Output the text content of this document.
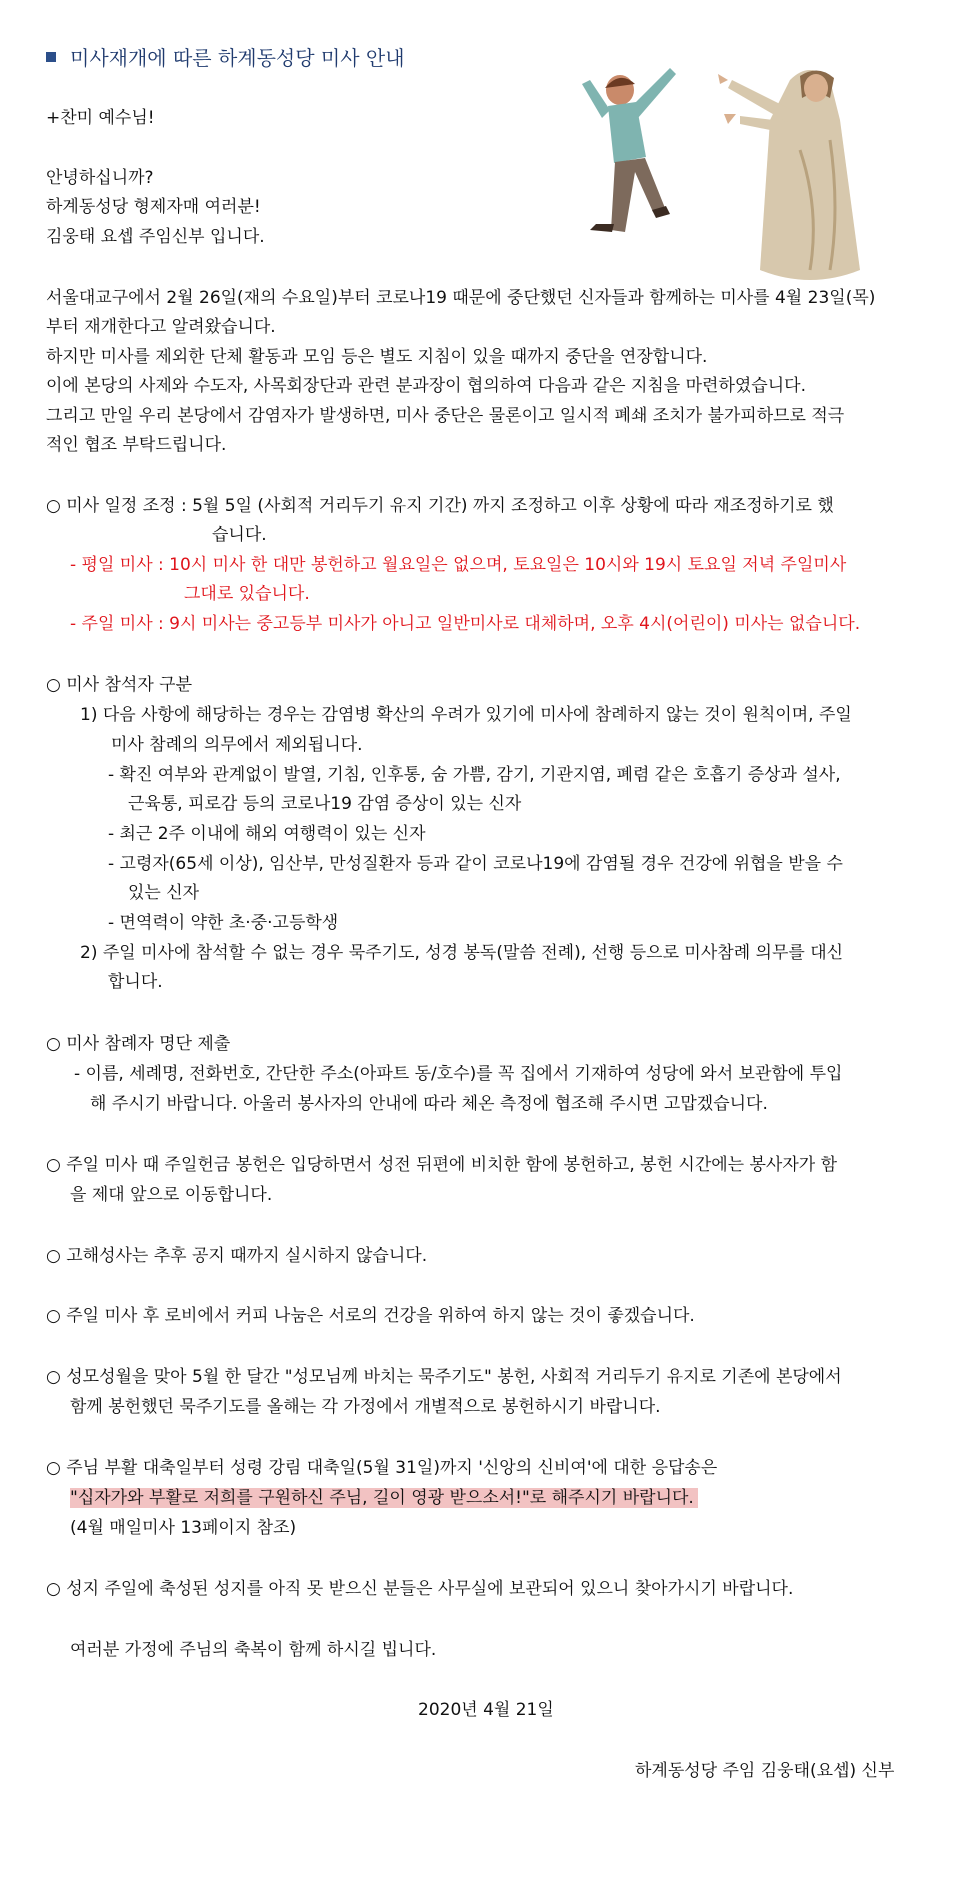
미사재개에 따른 하계동성당 미사 안내
+찬미 예수님!
안녕하십니까?
하계동성당 형제자매 여러분!
김웅태 요셉 주임신부 입니다.
서울대교구에서 2월 26일(재의 수요일)부터 코로나19 때문에 중단했던 신자들과 함께하는 미사를 4월 23일(목)
부터 재개한다고 알려왔습니다.
하지만 미사를 제외한 단체 활동과 모임 등은 별도 지침이 있을 때까지 중단을 연장합니다.
이에 본당의 사제와 수도자, 사목회장단과 관련 분과장이 협의하여 다음과 같은 지침을 마련하였습니다.
그리고 만일 우리 본당에서 감염자가 발생하면, 미사 중단은 물론이고 일시적 폐쇄 조치가 불가피하므로 적극
적인 협조 부탁드립니다.
○ 미사 일정 조정 : 5월 5일 (사회적 거리두기 유지 기간) 까지 조정하고 이후 상황에 따라 재조정하기로 했
습니다.
- 평일 미사 : 10시 미사 한 대만 봉헌하고 월요일은 없으며, 토요일은 10시와 19시 토요일 저녁 주일미사
그대로 있습니다.
- 주일 미사 : 9시 미사는 중고등부 미사가 아니고 일반미사로 대체하며, 오후 4시(어린이) 미사는 없습니다.
○ 미사 참석자 구분
1) 다음 사항에 해당하는 경우는 감염병 확산의 우려가 있기에 미사에 참례하지 않는 것이 원칙이며, 주일
미사 참례의 의무에서 제외됩니다.
- 확진 여부와 관계없이 발열, 기침, 인후통, 숨 가쁨, 감기, 기관지염, 폐렴 같은 호흡기 증상과 설사,
근육통, 피로감 등의 코로나19 감염 증상이 있는 신자
- 최근 2주 이내에 해외 여행력이 있는 신자
- 고령자(65세 이상), 임산부, 만성질환자 등과 같이 코로나19에 감염될 경우 건강에 위협을 받을 수
있는 신자
- 면역력이 약한 초·중·고등학생
2) 주일 미사에 참석할 수 없는 경우 묵주기도, 성경 봉독(말씀 전례), 선행 등으로 미사참례 의무를 대신
합니다.
○ 미사 참례자 명단 제출
- 이름, 세례명, 전화번호, 간단한 주소(아파트 동/호수)를 꼭 집에서 기재하여 성당에 와서 보관함에 투입
해 주시기 바랍니다. 아울러 봉사자의 안내에 따라 체온 측정에 협조해 주시면 고맙겠습니다.
○ 주일 미사 때 주일헌금 봉헌은 입당하면서 성전 뒤편에 비치한 함에 봉헌하고, 봉헌 시간에는 봉사자가 함
을 제대 앞으로 이동합니다.
○ 고해성사는 추후 공지 때까지 실시하지 않습니다.
○ 주일 미사 후 로비에서 커피 나눔은 서로의 건강을 위하여 하지 않는 것이 좋겠습니다.
○ 성모성월을 맞아 5월 한 달간 "성모님께 바치는 묵주기도" 봉헌, 사회적 거리두기 유지로 기존에 본당에서
함께 봉헌했던 묵주기도를 올해는 각 가정에서 개별적으로 봉헌하시기 바랍니다.
○ 주님 부활 대축일부터 성령 강림 대축일(5월 31일)까지 '신앙의 신비여'에 대한 응답송은
"십자가와 부활로 저희를 구원하신 주님, 길이 영광 받으소서!"로 해주시기 바랍니다.
(4월 매일미사 13페이지 참조)
○ 성지 주일에 축성된 성지를 아직 못 받으신 분들은 사무실에 보관되어 있으니 찾아가시기 바랍니다.
여러분 가정에 주님의 축복이 함께 하시길 빕니다.
2020년 4월 21일
하계동성당 주임 김웅태(요셉) 신부
